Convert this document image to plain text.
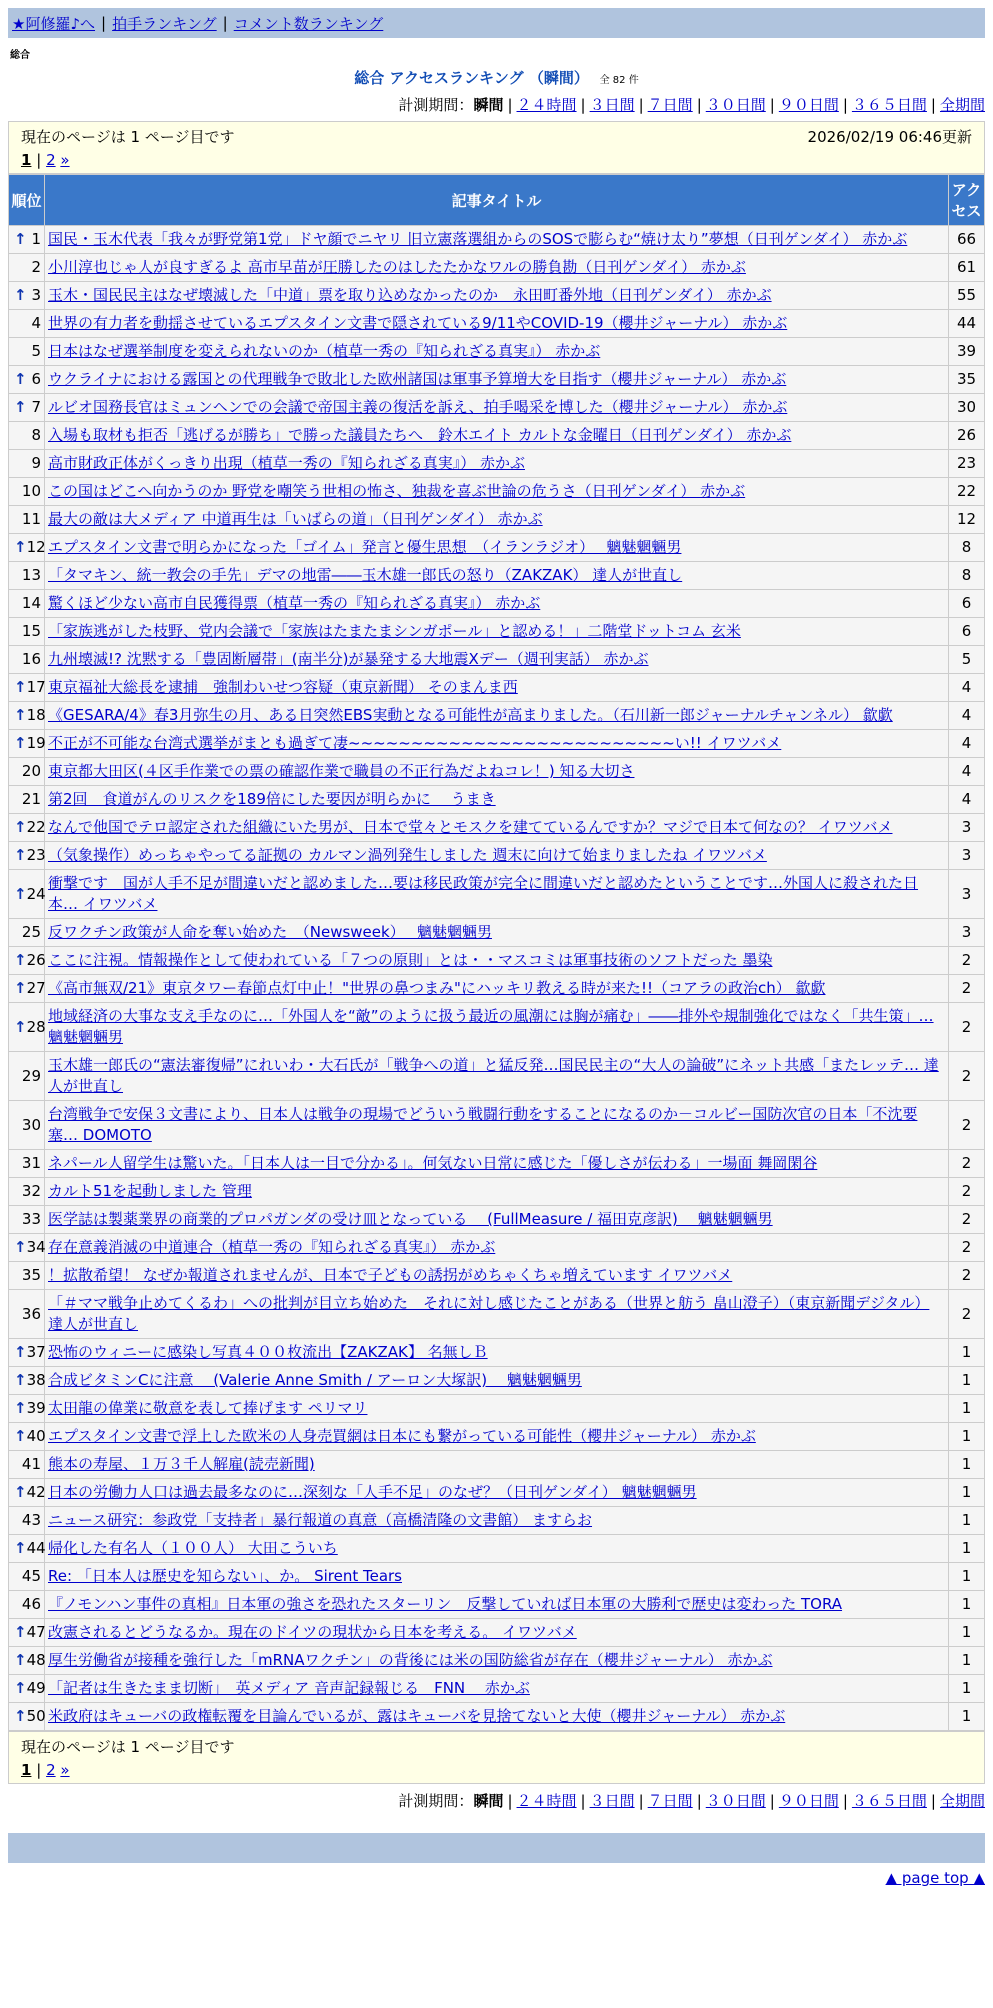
★阿修羅♪へ | 拍手ランキング | コメント数ランキング
総合
総合 アクセスランキング （瞬間） 全 82 件
計測期間：瞬間 | ２４時間 | ３日間 | ７日間 | ３０日間 | ９０日間 | ３６５日間 | 全期間
現在のページは 1 ページ目です	2026/02/19 06:46更新
1 | 2 »
順位	記事タイトル	アクセス

↑ 1	国民・玉木代表「我々が野党第1党」ドヤ顔でニヤリ 旧立憲落選組からのSOSで膨らむ“焼け太り”夢想（日刊ゲンダイ） 赤かぶ	66
2	小川淳也じゃ人が良すぎるよ 高市早苗が圧勝したのはしたたかなワルの勝負勘（日刊ゲンダイ） 赤かぶ	61

↑ 3	玉木・国民民主はなぜ壊滅した「中道」票を取り込めなかったのか　永田町番外地（日刊ゲンダイ） 赤かぶ	55
4	世界の有力者を動揺させているエプスタイン文書で隠されている9/11やCOVID-19（櫻井ジャーナル） 赤かぶ	44
5	日本はなぜ選挙制度を変えられないのか（植草一秀の『知られざる真実』） 赤かぶ	39

↑ 6	ウクライナにおける露国との代理戦争で敗北した欧州諸国は軍事予算増大を目指す（櫻井ジャーナル） 赤かぶ	35

↑ 7	ルビオ国務長官はミュンヘンでの会議で帝国主義の復活を訴え、拍手喝采を博した（櫻井ジャーナル） 赤かぶ	30
8	入場も取材も拒否「逃げるが勝ち」で勝った議員たちへ　鈴木エイト カルトな金曜日（日刊ゲンダイ） 赤かぶ	26
9	高市財政正体がくっきり出現（植草一秀の『知られざる真実』） 赤かぶ	23
10	この国はどこへ向かうのか 野党を嘲笑う世相の怖さ、独裁を喜ぶ世論の危うさ（日刊ゲンダイ） 赤かぶ	22
11	最大の敵は大メディア 中道再生は「いばらの道」（日刊ゲンダイ） 赤かぶ	12

↑ 12	エプスタイン文書で明らかになった「ゴイム」発言と優生思想　（イランラジオ）　 魑魅魍魎男	8
13	「タマキン、統一教会の手先」デマの地雷――玉木雄一郎氏の怒り（ZAKZAK） 達人が世直し	8
14	驚くほど少ない高市自民獲得票（植草一秀の『知られざる真実』） 赤かぶ	6
15	「家族逃がした枝野、党内会議で「家族はたまたまシンガポール」と認める！」二階堂ドットコム 玄米	6
16	九州壊滅!? 沈黙する「豊固断層帯」(南半分)が暴発する大地震Xデー（週刊実話） 赤かぶ	5

↑ 17	東京福祉大総長を逮捕　強制わいせつ容疑（東京新聞） そのまんま西	4

↑ 18	《GESARA/4》春3月弥生の月、ある日突然EBS実動となる可能性が高まりました。（石川新一郎ジャーナルチャンネル） 歙歔	4

↑ 19	不正が不可能な台湾式選挙がまとも過ぎて凄~~~~~~~~~~~~~~~~~~~~~~~~~~い!! イワツバメ	4
20	東京都大田区(４区手作業での票の確認作業で職員の不正行為だよねコレ！) 知る大切さ	4
21	第2回　食道がんのリスクを189倍にした要因が明らかに　 うまき	4

↑ 22	なんで他国でテロ認定された組織にいた男が、日本で堂々とモスクを建てているんですか？マジで日本て何なの？ イワツバメ	3

↑ 23	（気象操作）めっちゃやってる証拠の カルマン渦列発生しました 週末に向けて始まりましたね イワツバメ	3

↑ 24	衝撃です　国が人手不足が間違いだと認めました…要は移民政策が完全に間違いだと認めたということです…外国人に殺された日本… イワツバメ	3
25	反ワクチン政策が人命を奪い始めた　（Newsweek）　 魑魅魍魎男	3

↑ 26	ここに注視。情報操作として使われている「７つの原則」とは・・マスコミは軍事技術のソフトだった 墨染	2

↑ 27	《高市無双/21》東京タワー春節点灯中止！"世界の鼻つまみ"にハッキリ教える時が来た!!（コアラの政治ch） 歙歔	2

↑ 28	地域経済の大事な支え手なのに…「外国人を“敵”のように扱う最近の風潮には胸が痛む」――排外や規制強化ではなく「共生策」… 魑魅魍魎男	2
29	玉木雄一郎氏の“憲法審復帰”にれいわ・大石氏が「戦争への道」と猛反発…国民民主の“大人の論破”にネット共感「またレッテ… 達人が世直し	2
30	台湾戦争で安保３文書により、日本人は戦争の現場でどういう戦闘行動をすることになるのか－コルビー国防次官の日本「不沈要塞… DOMOTO	2
31	ネパール人留学生は驚いた。「日本人は一目で分かる」。何気ない日常に感じた「優しさが伝わる」一場面 舞岡閑谷	2
32	カルト51を起動しました 管理	2
33	医学誌は製薬業界の商業的プロパガンダの受け皿となっている　 (FullMeasure / 福田克彦訳)　 魑魅魍魎男	2

↑ 34	存在意義消滅の中道連合（植草一秀の『知られざる真実』） 赤かぶ	2
35	！拡散希望！ なぜか報道されませんが、日本で子どもの誘拐がめちゃくちゃ増えています イワツバメ	2
36	「＃ママ戦争止めてくるわ」への批判が目立ち始めた　それに対し感じたことがある（世界と舫う 畠山澄子）（東京新聞デジタル） 達人が世直し	2

↑ 37	恐怖のウィニーに感染し写真４００枚流出【ZAKZAK】 名無しＢ	1

↑ 38	合成ビタミンCに注意　 (Valerie Anne Smith / アーロン大塚訳)　 魑魅魍魎男	1

↑ 39	太田龍の偉業に敬意を表して捧げます ペリマリ	1

↑ 40	エプスタイン文書で浮上した欧米の人身売買網は日本にも繋がっている可能性（櫻井ジャーナル） 赤かぶ	1
41	熊本の寿屋、１万３千人解雇(読売新聞)	1

↑ 42	日本の労働力人口は過去最多なのに…深刻な「人手不足」のなぜ？（日刊ゲンダイ） 魑魅魍魎男	1
43	ニュース研究：参政党「支持者」暴行報道の真意（高橋清隆の文書館） ますらお	1

↑ 44	帰化した有名人（１００人） 大田こういち	1
45	Re: 「日本人は歴史を知らない」、か。 Sirent Tears	1
46	『ノモンハン事件の真相』日本軍の強さを恐れたスターリン　反撃していれば日本軍の大勝利で歴史は変わった TORA	1

↑ 47	改憲されるとどうなるか。現在のドイツの現状から日本を考える。 イワツバメ	1

↑ 48	厚生労働省が接種を強行した「mRNAワクチン」の背後には米の国防総省が存在（櫻井ジャーナル） 赤かぶ	1

↑ 49	「記者は生きたまま切断」　英メディア 音声記録報じる　FNN　 赤かぶ	1

↑ 50	米政府はキューバの政権転覆を目論んでいるが、露はキューバを見捨てないと大使（櫻井ジャーナル） 赤かぶ	1
現在のページは 1 ページ目です
1 | 2 »
計測期間：瞬間 | ２４時間 | ３日間 | ７日間 | ３０日間 | ９０日間 | ３６５日間 | 全期間
▲ page top ▲
